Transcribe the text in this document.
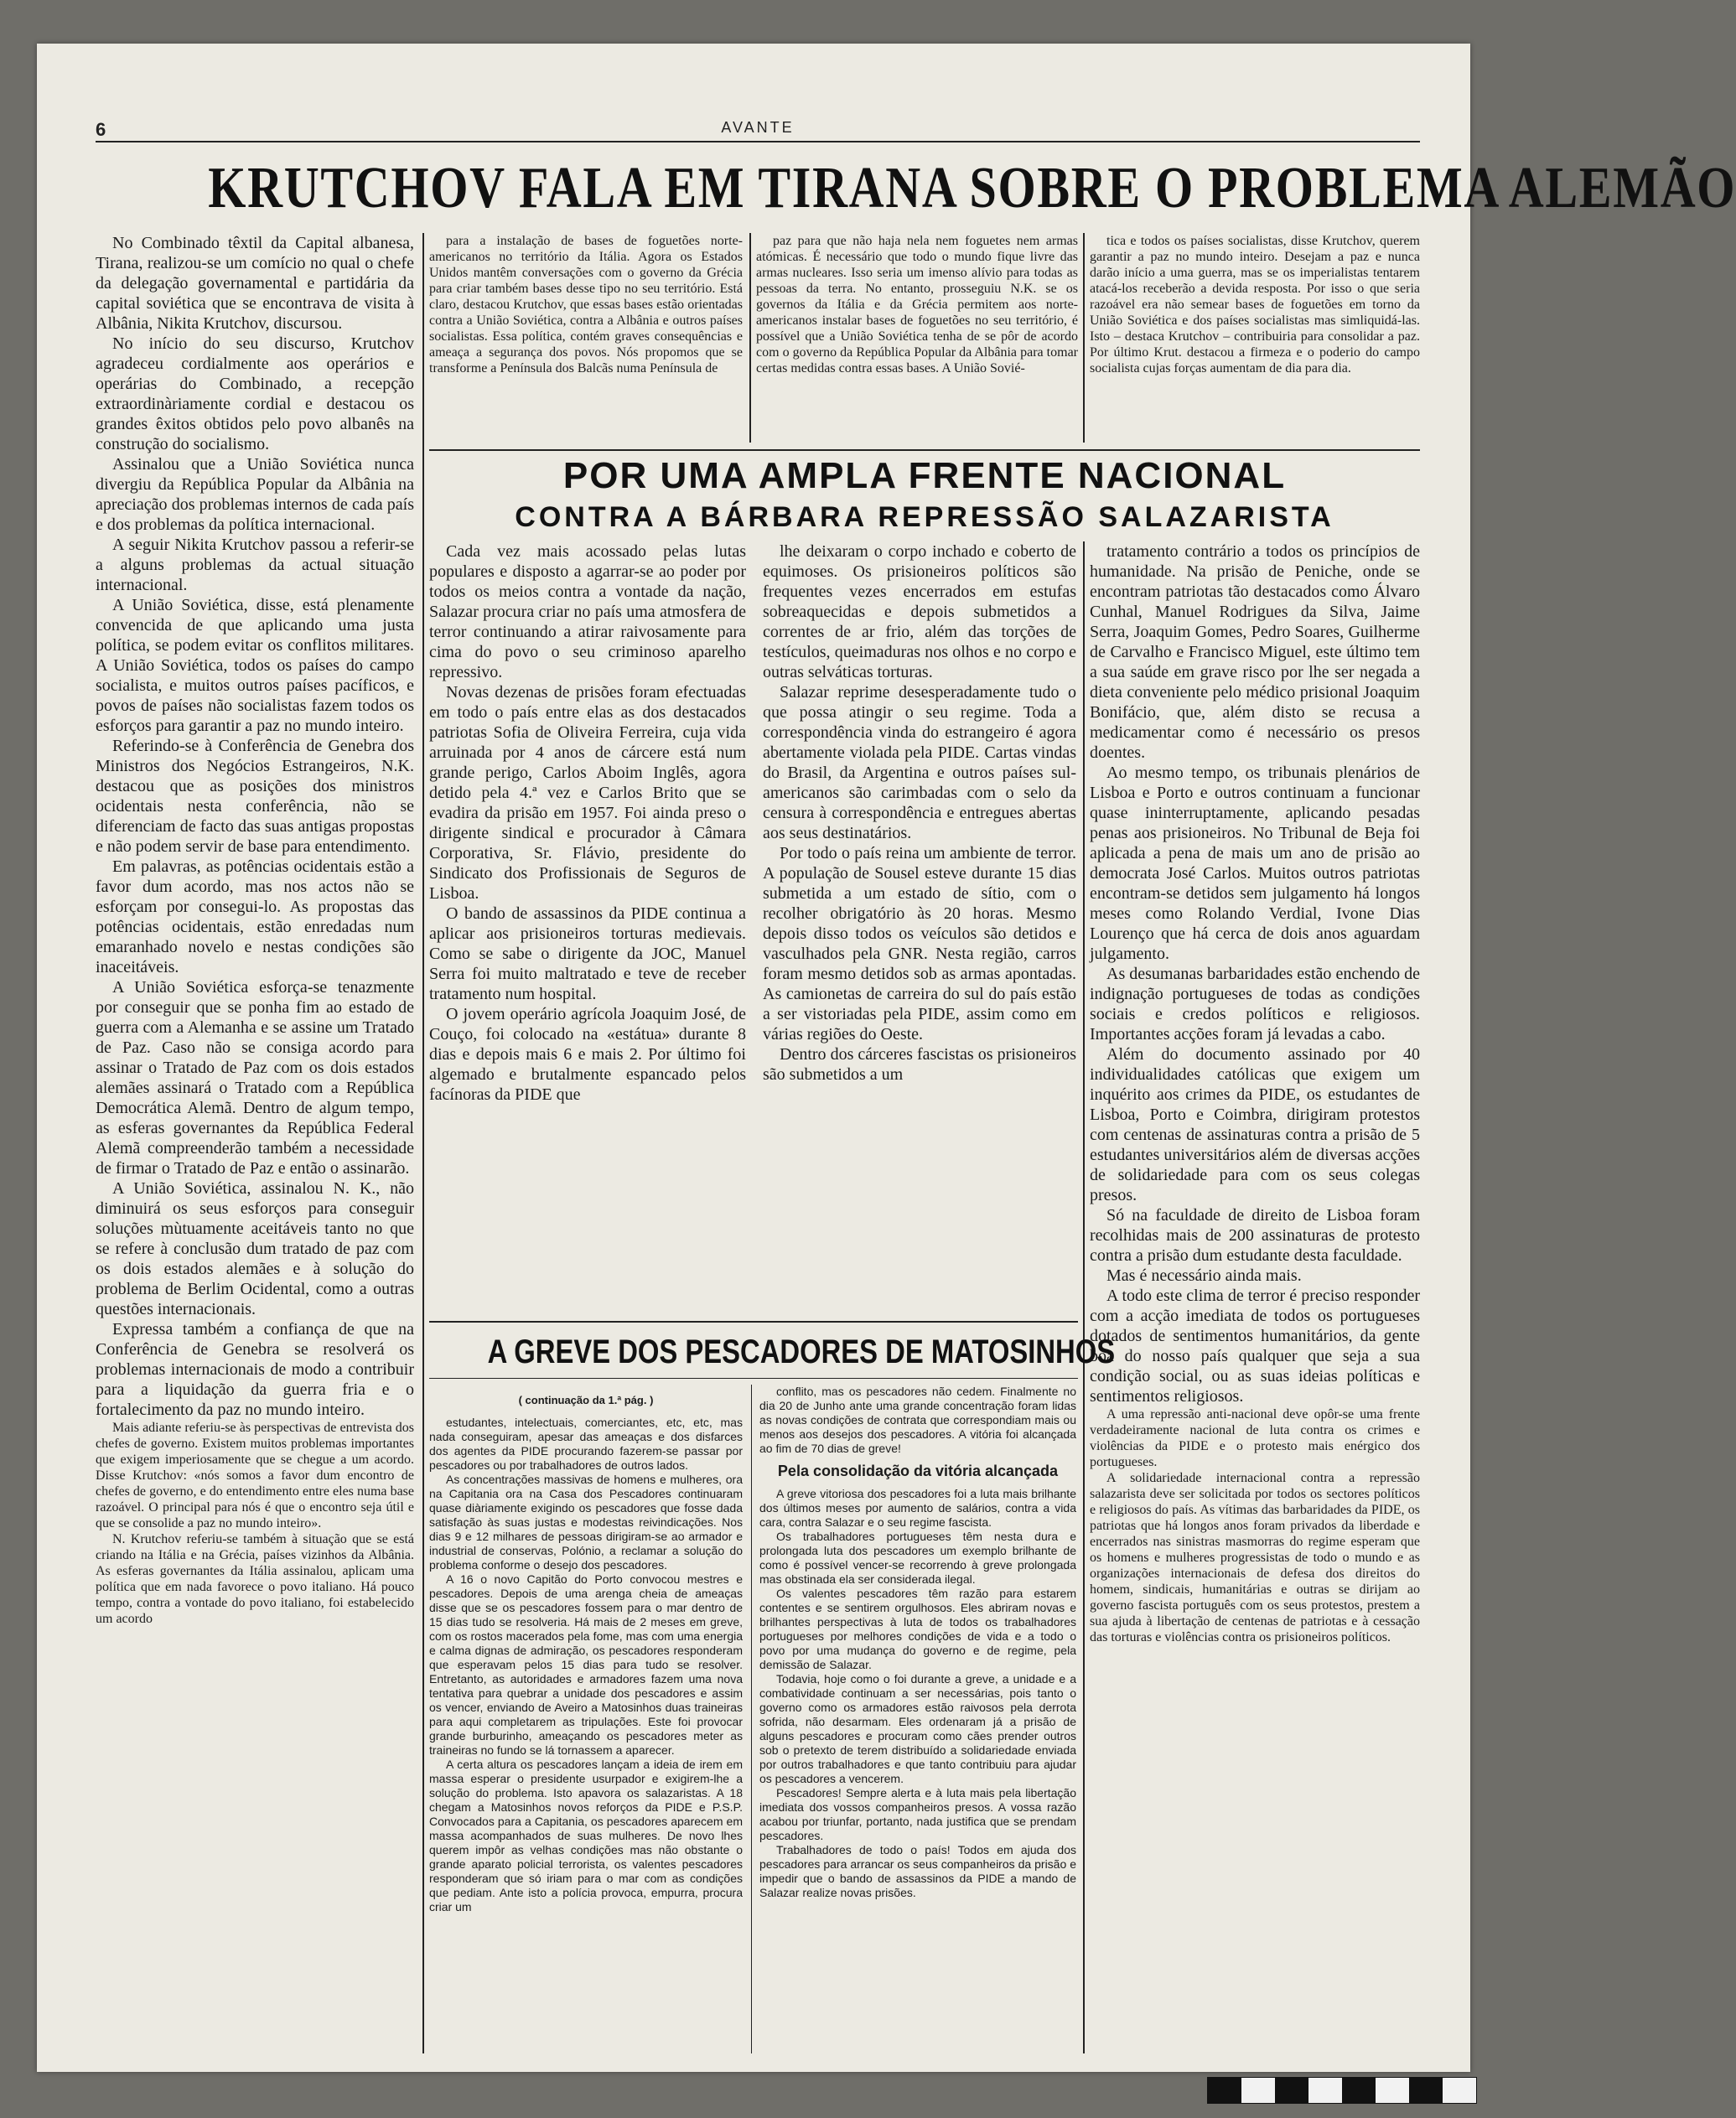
6	AVANTE
KRUTCHOV FALA EM TIRANA SOBRE O PROBLEMA ALEMÃO

No Combinado têxtil da Capital albanesa, Tirana, realizou-se um comício no qual o chefe da delegação governamental e partidária da capital soviética que se encontrava de visita à Albânia, Nikita Krutchov, discursou.

No início do seu discurso, Krutchov agradeceu cordialmente aos operários e operárias do Combinado, a recepção extraordinàriamente cordial e destacou os grandes êxitos obtidos pelo povo albanês na construção do socialismo.

Assinalou que a União Soviética nunca divergiu da República Popular da Albânia na apreciação dos problemas internos de cada país e dos problemas da política internacional.

A seguir Nikita Krutchov passou a referir-se a alguns problemas da actual situação internacional.

A União Soviética, disse, está plenamente convencida de que aplicando uma justa política, se podem evitar os conflitos militares. A União Soviética, todos os países do campo socialista, e muitos outros países pacíficos, e povos de países não socialistas fazem todos os esforços para garantir a paz no mundo inteiro.

Referindo-se à Conferência de Genebra dos Ministros dos Negócios Estrangeiros, N.K. destacou que as posições dos ministros ocidentais nesta conferência, não se diferenciam de facto das suas antigas propostas e não podem servir de base para entendimento.

Em palavras, as potências ocidentais estão a favor dum acordo, mas nos actos não se esforçam por consegui-lo. As propostas das potências ocidentais, estão enredadas num emaranhado novelo e nestas condições são inaceitáveis.

A União Soviética esforça-se tenazmente por conseguir que se ponha fim ao estado de guerra com a Alemanha e se assine um Tratado de Paz. Caso não se consiga acordo para assinar o Tratado de Paz com os dois estados alemães assinará o Tratado com a República Democrática Alemã. Dentro de algum tempo, as esferas governantes da República Federal Alemã compreenderão também a necessidade de firmar o Tratado de Paz e então o assinarão.

A União Soviética, assinalou N. K., não diminuirá os seus esforços para conseguir soluções mùtuamente aceitáveis tanto no que se refere à conclusão dum tratado de paz com os dois estados alemães e à solução do problema de Berlim Ocidental, como a outras questões internacionais.

Expressa também a confiança de que na Conferência de Genebra se resolverá os problemas internacionais de modo a contribuir para a liquidação da guerra fria e o fortalecimento da paz no mundo inteiro.

Mais adiante referiu-se às perspectivas de entrevista dos chefes de governo. Existem muitos problemas importantes que exigem imperiosamente que se chegue a um acordo. Disse Krutchov: «nós somos a favor dum encontro de chefes de governo, e do entendimento entre eles numa base razoável. O principal para nós é que o encontro seja útil e que se consolide a paz no mundo inteiro».

N. Krutchov referiu-se também à situação que se está criando na Itália e na Grécia, países vizinhos da Albânia. As esferas governantes da Itália assinalou, aplicam uma política que em nada favorece o povo italiano. Há pouco tempo, contra a vontade do povo italiano, foi estabelecido um acordo

para a instalação de bases de foguetões norte-americanos no território da Itália. Agora os Estados Unidos mantêm conversações com o governo da Grécia para criar também bases desse tipo no seu território. Está claro, destacou Krutchov, que essas bases estão orientadas contra a União Soviética, contra a Albânia e outros países socialistas. Essa política, contém graves consequências e ameaça a segurança dos povos. Nós propomos que se transforme a Península dos Balcãs numa Península de

paz para que não haja nela nem foguetes nem armas atómicas. É necessário que todo o mundo fique livre das armas nucleares. Isso seria um imenso alívio para todas as pessoas da terra. No entanto, prosseguiu N.K. se os governos da Itália e da Grécia permitem aos norte-americanos instalar bases de foguetões no seu território, é possível que a União Soviética tenha de se pôr de acordo com o governo da República Popular da Albânia para tomar certas medidas contra essas bases. A União Sovié-

tica e todos os países socialistas, disse Krutchov, querem garantir a paz no mundo inteiro. Desejam a paz e nunca darão início a uma guerra, mas se os imperialistas tentarem atacá-los receberão a devida resposta. Por isso o que seria razoável era não semear bases de foguetões em torno da União Soviética e dos países socialistas mas simliquidá-las. Isto – destaca Krutchov – contribuiria para consolidar a paz. Por último Krut. destacou a firmeza e o poderio do campo socialista cujas forças aumentam de dia para dia.

POR UMA AMPLA FRENTE NACIONAL
CONTRA A BÁRBARA REPRESSÃO SALAZARISTA

Cada vez mais acossado pelas lutas populares e disposto a agarrar-se ao poder por todos os meios contra a vontade da nação, Salazar procura criar no país uma atmosfera de terror continuando a atirar raivosamente para cima do povo o seu criminoso aparelho repressivo.

Novas dezenas de prisões foram efectuadas em todo o país entre elas as dos destacados patriotas Sofia de Oliveira Ferreira, cuja vida arruinada por 4 anos de cárcere está num grande perigo, Carlos Aboim Inglês, agora detido pela 4.ª vez e Carlos Brito que se evadira da prisão em 1957. Foi ainda preso o dirigente sindical e procurador à Câmara Corporativa, Sr. Flávio, presidente do Sindicato dos Profissionais de Seguros de Lisboa.

O bando de assassinos da PIDE continua a aplicar aos prisioneiros torturas medievais. Como se sabe o dirigente da JOC, Manuel Serra foi muito maltratado e teve de receber tratamento num hospital.

O jovem operário agrícola Joaquim José, de Couço, foi colocado na «estátua» durante 8 dias e depois mais 6 e mais 2. Por último foi algemado e brutalmente espancado pelos facínoras da PIDE que

lhe deixaram o corpo inchado e coberto de equimoses. Os prisioneiros políticos são frequentes vezes encerrados em estufas sobreaquecidas e depois submetidos a correntes de ar frio, além das torções de testículos, queimaduras nos olhos e no corpo e outras selváticas torturas.

Salazar reprime desesperadamente tudo o que possa atingir o seu regime. Toda a correspondência vinda do estrangeiro é agora abertamente violada pela PIDE. Cartas vindas do Brasil, da Argentina e outros países sul-americanos são carimbadas com o selo da censura à correspondência e entregues abertas aos seus destinatários.

Por todo o país reina um ambiente de terror. A população de Sousel esteve durante 15 dias submetida a um estado de sítio, com o recolher obrigatório às 20 horas. Mesmo depois disso todos os veículos são detidos e vasculhados pela GNR. Nesta região, carros foram mesmo detidos sob as armas apontadas. As camionetas de carreira do sul do país estão a ser vistoriadas pela PIDE, assim como em várias regiões do Oeste.

Dentro dos cárceres fascistas os prisioneiros são submetidos a um

tratamento contrário a todos os princípios de humanidade. Na prisão de Peniche, onde se encontram patriotas tão destacados como Álvaro Cunhal, Manuel Rodrigues da Silva, Jaime Serra, Joaquim Gomes, Pedro Soares, Guilherme de Carvalho e Francisco Miguel, este último tem a sua saúde em grave risco por lhe ser negada a dieta conveniente pelo médico prisional Joaquim Bonifácio, que, além disto se recusa a medicamentar como é necessário os presos doentes.

Ao mesmo tempo, os tribunais plenários de Lisboa e Porto e outros continuam a funcionar quase ininterruptamente, aplicando pesadas penas aos prisioneiros. No Tribunal de Beja foi aplicada a pena de mais um ano de prisão ao democrata José Carlos. Muitos outros patriotas encontram-se detidos sem julgamento há longos meses como Rolando Verdial, Ivone Dias Lourenço que há cerca de dois anos aguardam julgamento.

As desumanas barbaridades estão enchendo de indignação portugueses de todas as condições sociais e credos políticos e religiosos. Importantes acções foram já levadas a cabo.

Além do documento assinado por 40 individualidades católicas que exigem um inquérito aos crimes da PIDE, os estudantes de Lisboa, Porto e Coimbra, dirigiram protestos com centenas de assinaturas contra a prisão de 5 estudantes universitários além de diversas acções de solidariedade para com os seus colegas presos.

Só na faculdade de direito de Lisboa foram recolhidas mais de 200 assinaturas de protesto contra a prisão dum estudante desta faculdade.

Mas é necessário ainda mais.

A todo este clima de terror é preciso responder com a acção imediata de todos os portugueses dotados de sentimentos humanitários, da gente boa do nosso país qualquer que seja a sua condição social, ou as suas ideias políticas e sentimentos religiosos.

A uma repressão anti-nacional deve opôr-se uma frente verdadeiramente nacional de luta contra os crimes e violências da PIDE e o protesto mais enérgico dos portugueses.

A solidariedade internacional contra a repressão salazarista deve ser solicitada por todos os sectores políticos e religiosos do país. As vítimas das barbaridades da PIDE, os patriotas que há longos anos foram privados da liberdade e encerrados nas sinistras masmorras do regime esperam que os homens e mulheres progressistas de todo o mundo e as organizações internacionais de defesa dos direitos do homem, sindicais, humanitárias e outras se dirijam ao governo fascista português com os seus protestos, prestem a sua ajuda à libertação de centenas de patriotas e à cessação das torturas e violências contra os prisioneiros políticos.

A GREVE DOS PESCADORES DE MATOSINHOS

( continuação da 1.ª pág. )

estudantes, intelectuais, comerciantes, etc, etc, mas nada conseguiram, apesar das ameaças e dos disfarces dos agentes da PIDE procurando fazerem-se passar por pescadores ou por trabalhadores de outros lados.

As concentrações massivas de homens e mulheres, ora na Capitania ora na Casa dos Pescadores continuaram quase diàriamente exigindo os pescadores que fosse dada satisfação às suas justas e modestas reivindicações. Nos dias 9 e 12 milhares de pessoas dirigiram-se ao armador e industrial de conservas, Polónio, a reclamar a solução do problema conforme o desejo dos pescadores.

A 16 o novo Capitão do Porto convocou mestres e pescadores. Depois de uma arenga cheia de ameaças disse que se os pescadores fossem para o mar dentro de 15 dias tudo se resolveria. Há mais de 2 meses em greve, com os rostos macerados pela fome, mas com uma energia e calma dignas de admiração, os pescadores responderam que esperavam pelos 15 dias para tudo se resolver. Entretanto, as autoridades e armadores fazem uma nova tentativa para quebrar a unidade dos pescadores e assim os vencer, enviando de Aveiro a Matosinhos duas traineiras para aqui completarem as tripulações. Este foi provocar grande burburinho, ameaçando os pescadores meter as traineiras no fundo se lá tornassem a aparecer.

A certa altura os pescadores lançam a ideia de irem em massa esperar o presidente usurpador e exigirem-lhe a solução do problema. Isto apavora os salazaristas. A 18 chegam a Matosinhos novos reforços da PIDE e P.S.P. Convocados para a Capitania, os pescadores aparecem em massa acompanhados de suas mulheres. De novo lhes querem impôr as velhas condições mas não obstante o grande aparato policial terrorista, os valentes pescadores responderam que só iriam para o mar com as condições que pediam. Ante isto a polícia provoca, empurra, procura criar um

conflito, mas os pescadores não cedem. Finalmente no dia 20 de Junho ante uma grande concentração foram lidas as novas condições de contrata que correspondiam mais ou menos aos desejos dos pescadores. A vitória foi alcançada ao fim de 70 dias de greve!

Pela consolidação da vitória alcançada

A greve vitoriosa dos pescadores foi a luta mais brilhante dos últimos meses por aumento de salários, contra a vida cara, contra Salazar e o seu regime fascista.

Os trabalhadores portugueses têm nesta dura e prolongada luta dos pescadores um exemplo brilhante de como é possível vencer-se recorrendo à greve prolongada mas obstinada ela ser considerada ilegal.

Os valentes pescadores têm razão para estarem contentes e se sentirem orgulhosos. Eles abriram novas e brilhantes perspectivas à luta de todos os trabalhadores portugueses por melhores condições de vida e a todo o povo por uma mudança do governo e de regime, pela demissão de Salazar.

Todavia, hoje como o foi durante a greve, a unidade e a combatividade continuam a ser necessárias, pois tanto o governo como os armadores estão raivosos pela derrota sofrida, não desarmam. Eles ordenaram já a prisão de alguns pescadores e procuram como cães prender outros sob o pretexto de terem distribuído a solidariedade enviada por outros trabalhadores e que tanto contribuiu para ajudar os pescadores a vencerem.

Pescadores! Sempre alerta e à luta mais pela libertação imediata dos vossos companheiros presos. A vossa razão acabou por triunfar, portanto, nada justifica que se prendam pescadores.

Trabalhadores de todo o país! Todos em ajuda dos pescadores para arrancar os seus companheiros da prisão e impedir que o bando de assassinos da PIDE a mando de Salazar realize novas prisões.
